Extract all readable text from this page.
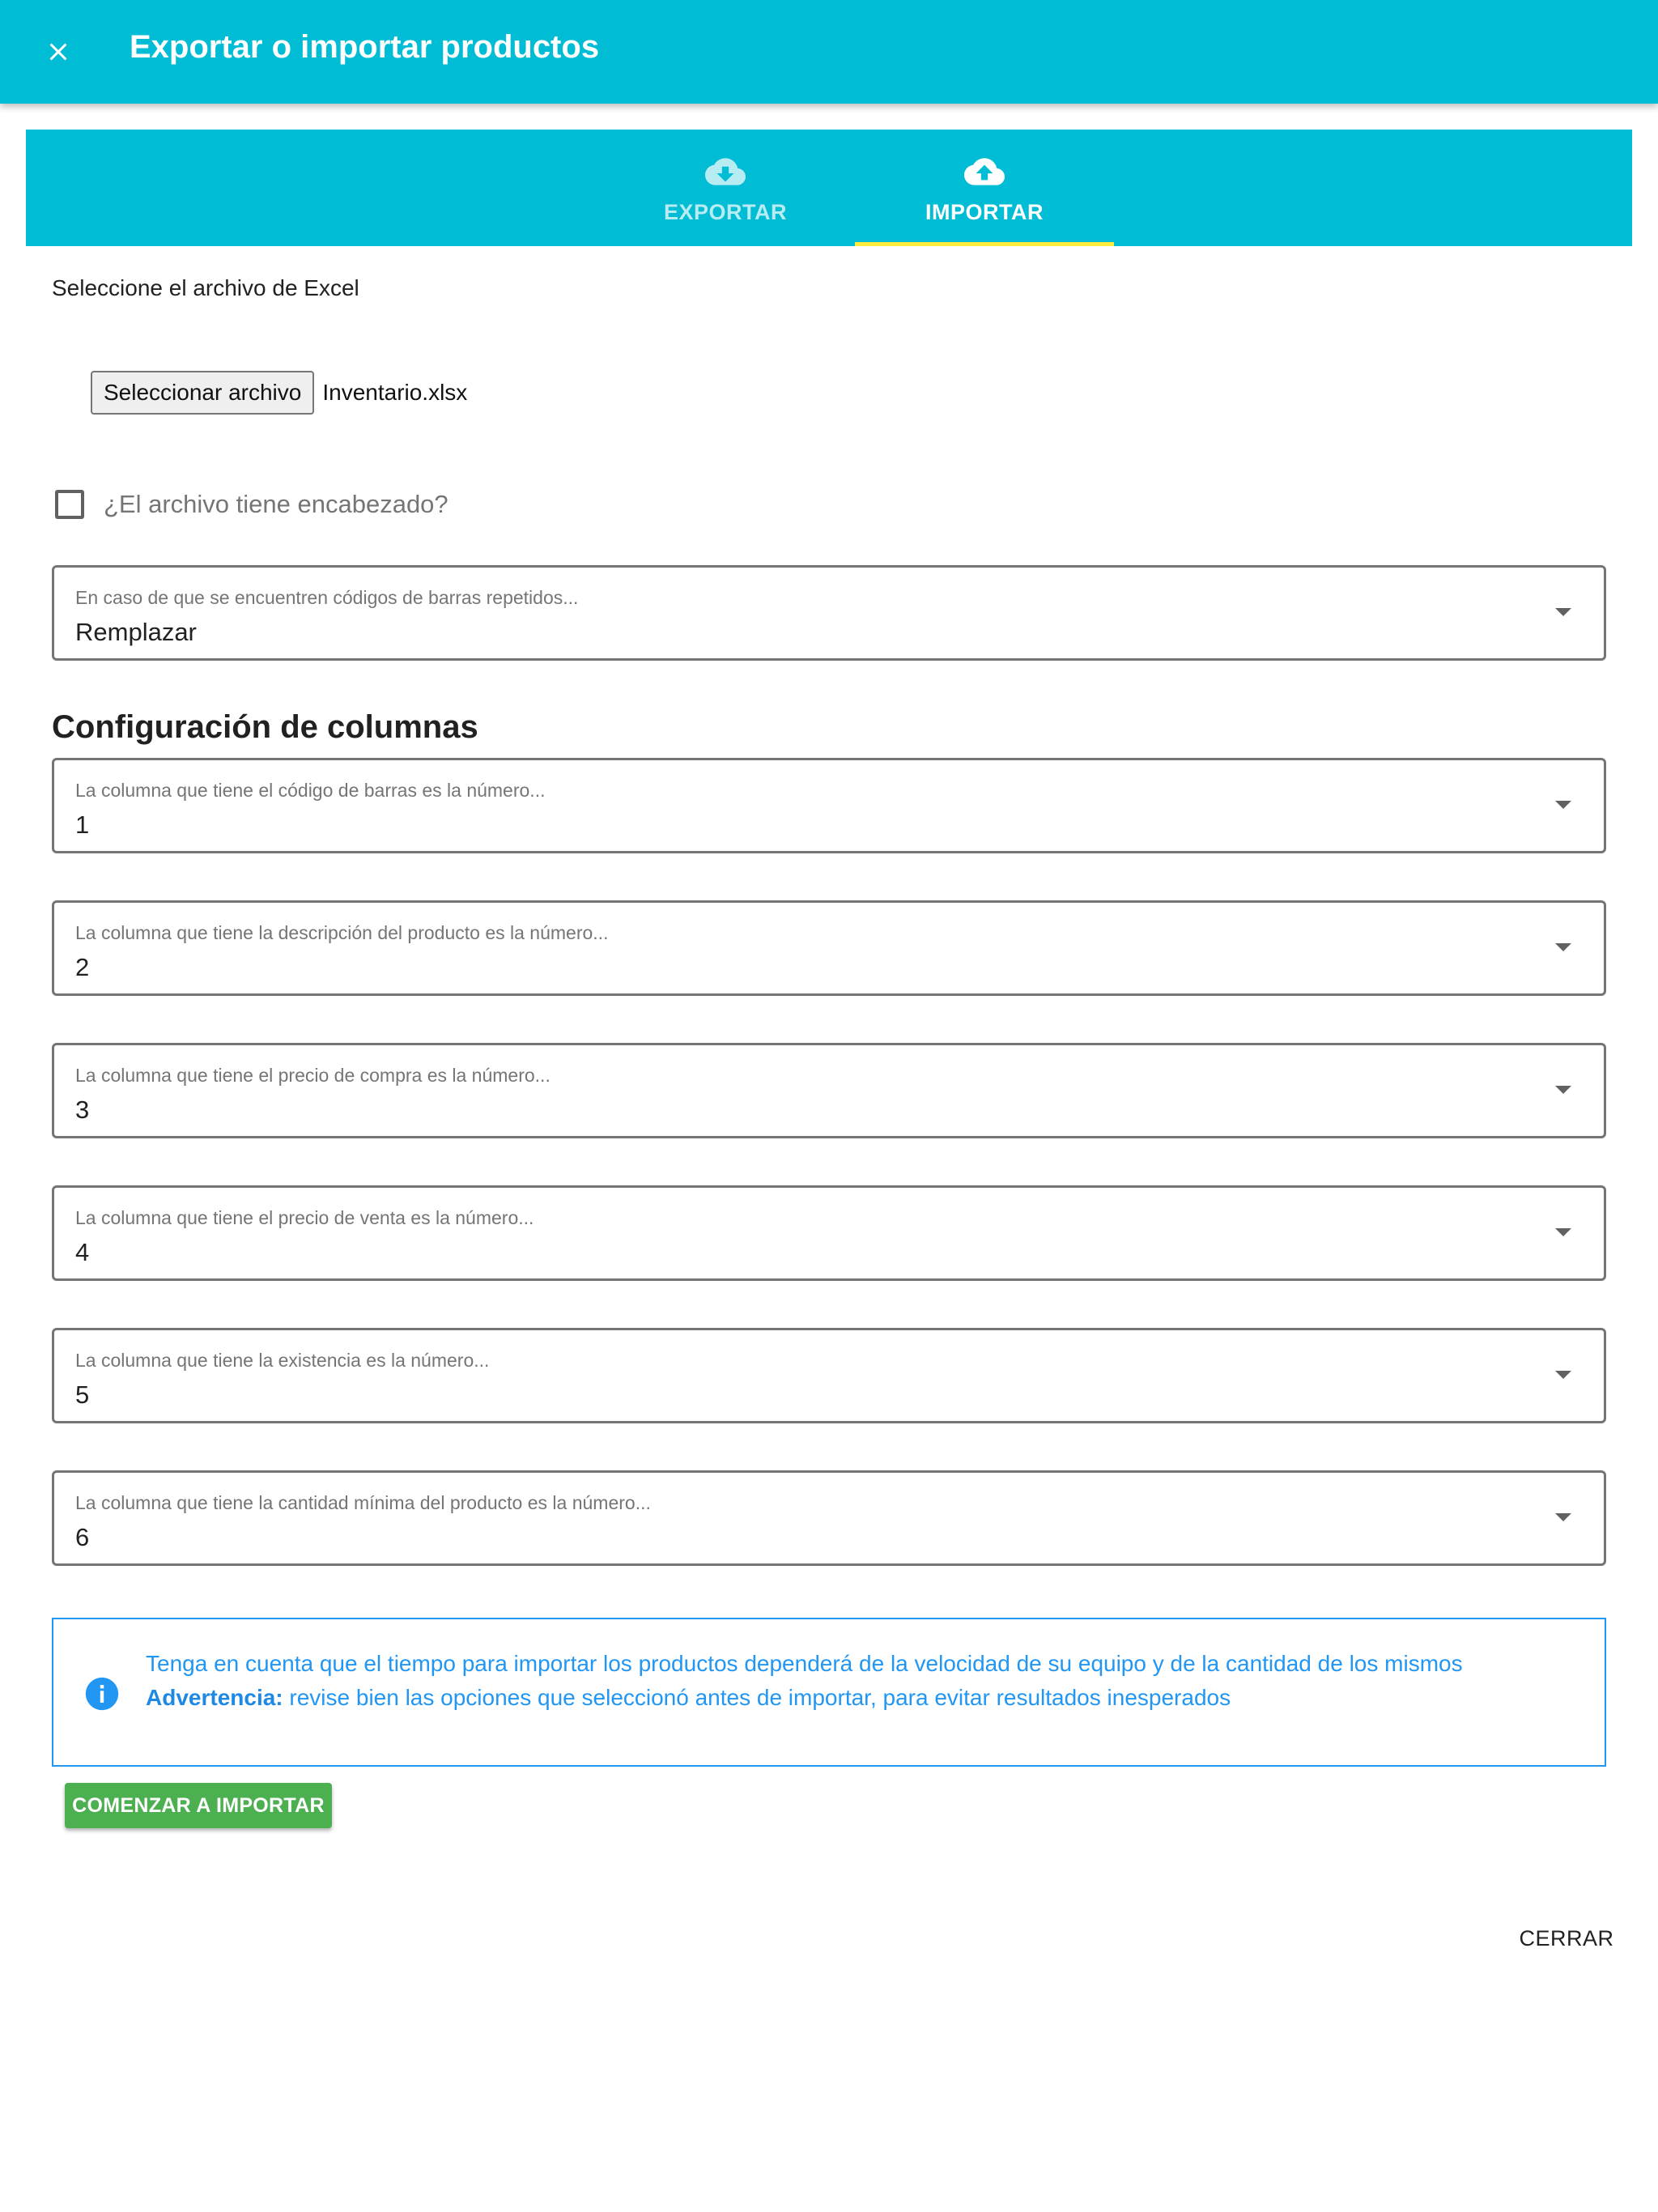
Exportar o importar productos
EXPORTAR	IMPORTAR
Seleccione el archivo de Excel
Seleccionar archivo Inventario.xlsx
¿El archivo tiene encabezado?
En caso de que se encuentren códigos de barras repetidos...
Remplazar
Configuración de columnas
La columna que tiene el código de barras es la número...
1
La columna que tiene la descripción del producto es la número...
2
La columna que tiene el precio de compra es la número...
3
La columna que tiene el precio de venta es la número...
4
La columna que tiene la existencia es la número...
5
La columna que tiene la cantidad mínima del producto es la número...
6
Tenga en cuenta que el tiempo para importar los productos dependerá de la velocidad de su equipo y de la cantidad de los mismos
Advertencia: revise bien las opciones que seleccionó antes de importar, para evitar resultados inesperados
COMENZAR A IMPORTAR
CERRAR
